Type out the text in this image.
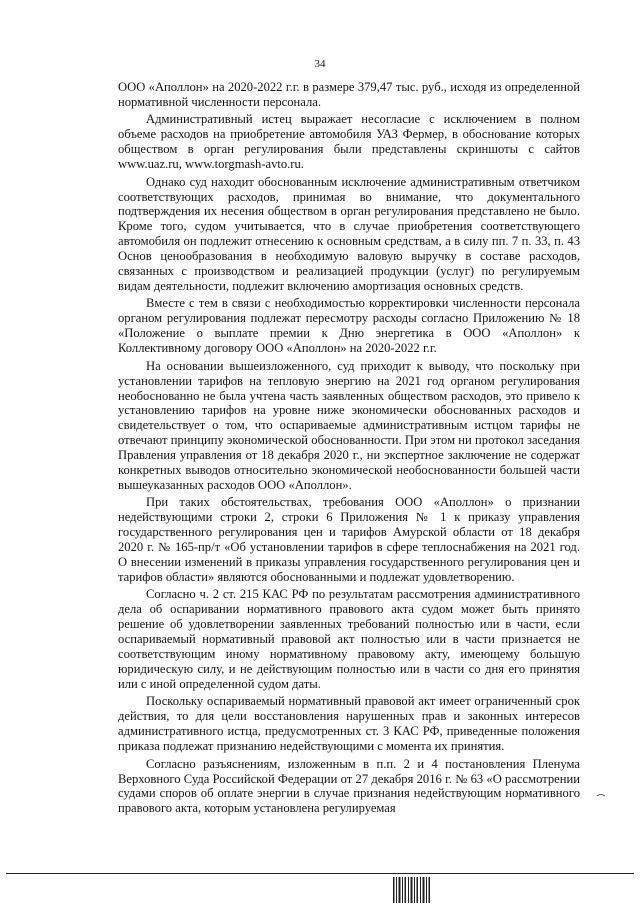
34

ООО «Аполлон» на 2020-2022 г.г. в размере 379,47 тыс. руб., исходя из определенной нормативной численности персонала.

Административный истец выражает несогласие с исключением в полном объеме расходов на приобретение автомобиля УАЗ Фермер, в обоснование которых обществом в орган регулирования были представлены скриншоты с сайтов www.uaz.ru, www.torgmash-avto.ru.

Однако суд находит обоснованным исключение административным ответчиком соответствующих расходов, принимая во внимание, что документального подтверждения их несения обществом в орган регулирования представлено не было. Кроме того, судом учитывается, что в случае приобретения соответствующего автомобиля он подлежит отнесению к основным средствам, а в силу пп. 7 п. 33, п. 43 Основ ценообразования в необходимую валовую выручку в составе расходов, связанных с производством и реализацией продукции (услуг) по регулируемым видам деятельности, подлежит включению амортизация основных средств.

Вместе с тем в связи с необходимостью корректировки численности персонала органом регулирования подлежат пересмотру расходы согласно Приложению № 18 «Положение о выплате премии к Дню энергетика в ООО «Аполлон» к Коллективному договору ООО «Аполлон» на 2020-2022 г.г.

На основании вышеизложенного, суд приходит к выводу, что поскольку при установлении тарифов на тепловую энергию на 2021 год органом регулирования необоснованно не была учтена часть заявленных обществом расходов, это привело к установлению тарифов на уровне ниже экономически обоснованных расходов и свидетельствует о том, что оспариваемые административным истцом тарифы не отвечают принципу экономической обоснованности. При этом ни протокол заседания Правления управления от 18 декабря 2020 г., ни экспертное заключение не содержат конкретных выводов относительно экономической необоснованности большей части вышеуказанных расходов ООО «Аполлон».

При таких обстоятельствах, требования ООО «Аполлон» о признании недействующими строки 2, строки 6 Приложения № 1 к приказу управления государственного регулирования цен и тарифов Амурской области от 18 декабря 2020 г. № 165-пр/т «Об установлении тарифов в сфере теплоснабжения на 2021 год. О внесении изменений в приказы управления государственного регулирования цен и тарифов области» являются обоснованными и подлежат удовлетворению.

Согласно ч. 2 ст. 215 КАС РФ по результатам рассмотрения административного дела об оспаривании нормативного правового акта судом может быть принято решение об удовлетворении заявленных требований полностью или в части, если оспариваемый нормативный правовой акт полностью или в части признается не соответствующим иному нормативному правовому акту, имеющему большую юридическую силу, и не действующим полностью или в части со дня его принятия или с иной определенной судом даты.

Поскольку оспариваемый нормативный правовой акт имеет ограниченный срок действия, то для цели восстановления нарушенных прав и законных интересов административного истца, предусмотренных ст. 3 КАС РФ, приведенные положения приказа подлежат признанию недействующими с момента их принятия.

Согласно разъяснениям, изложенным в п.п. 2 и 4 постановления Пленума Верховного Суда Российской Федерации от 27 декабря 2016 г. № 63 «О рассмотрении судами споров об оплате энергии в случае признания недействующим нормативного правового акта, которым установлена регулируемая
